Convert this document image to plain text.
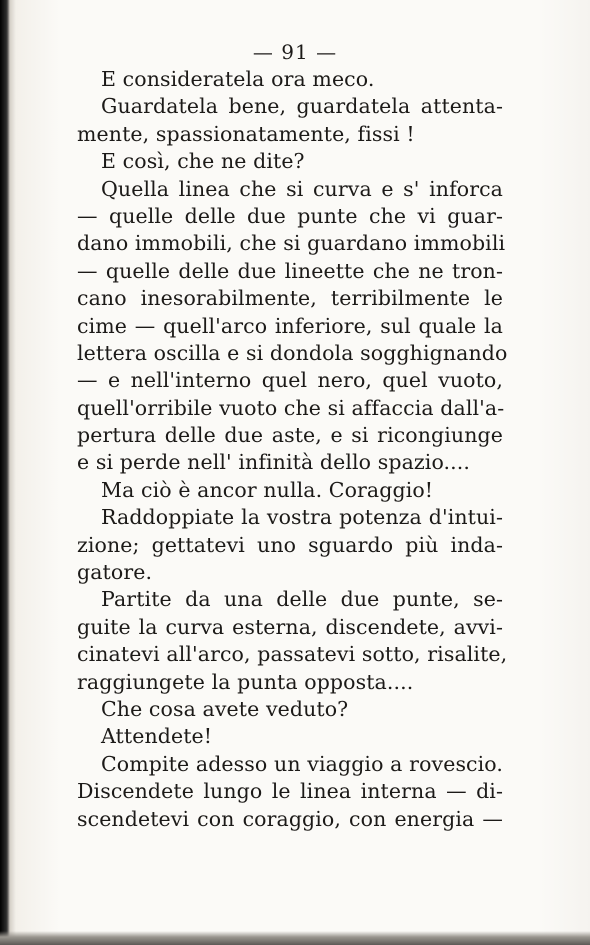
— 91 —
E consideratela ora meco.
Guardatela bene, guardatela attenta-
mente, spassionatamente, fissi !
E così, che ne dite?
Quella linea che si curva e s' inforca
— quelle delle due punte che vi guar-
dano immobili, che si guardano immobili
— quelle delle due lineette che ne tron-
cano inesorabilmente, terribilmente le
cime — quell'arco inferiore, sul quale la
lettera oscilla e si dondola sogghignando
— e nell'interno quel nero, quel vuoto,
quell'orribile vuoto che si affaccia dall'a-
pertura delle due aste, e si ricongiunge
e si perde nell' infinità dello spazio....
Ma ciò è ancor nulla. Coraggio!
Raddoppiate la vostra potenza d'intui-
zione; gettatevi uno sguardo più inda-
gatore.
Partite da una delle due punte, se-
guite la curva esterna, discendete, avvi-
cinatevi all'arco, passatevi sotto, risalite,
raggiungete la punta opposta....
Che cosa avete veduto?
Attendete!
Compite adesso un viaggio a rovescio.
Discendete lungo le linea interna — di-
scendetevi con coraggio, con energia —
